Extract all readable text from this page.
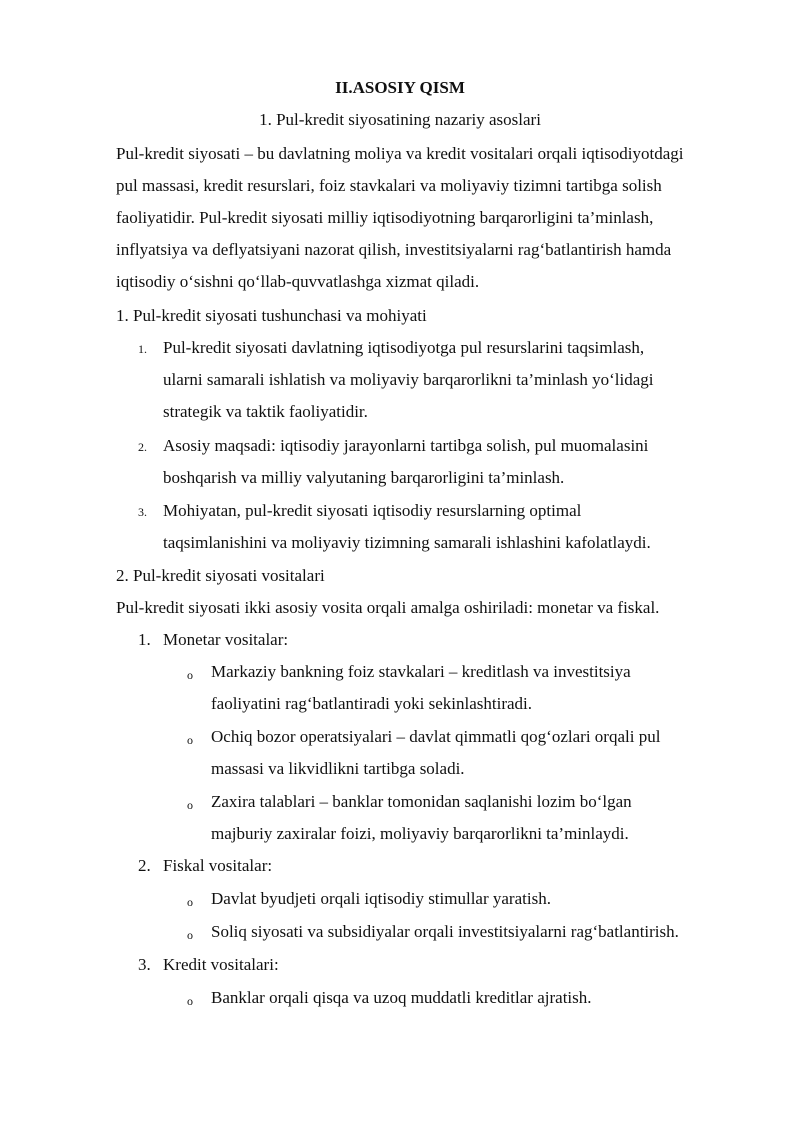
II.ASOSIY QISM
1. Pul-kredit siyosatining nazariy asoslari
Pul-kredit siyosati – bu davlatning moliya va kredit vositalari orqali iqtisodiyotdagi
pul massasi, kredit resurslari, foiz stavkalari va moliyaviy tizimni tartibga solish
faoliyatidir. Pul-kredit siyosati milliy iqtisodiyotning barqarorligini ta’minlash,
inflyatsiya va deflyatsiyani nazorat qilish, investitsiyalarni rag‘batlantirish hamda
iqtisodiy o‘sishni qo‘llab-quvvatlashga xizmat qiladi.
1. Pul-kredit siyosati tushunchasi va mohiyati
1. Pul-kredit siyosati davlatning iqtisodiyotga pul resurslarini taqsimlash,
ularni samarali ishlatish va moliyaviy barqarorlikni ta’minlash yo‘lidagi
strategik va taktik faoliyatidir.
2. Asosiy maqsadi: iqtisodiy jarayonlarni tartibga solish, pul muomalasini
boshqarish va milliy valyutaning barqarorligini ta’minlash.
3. Mohiyatan, pul-kredit siyosati iqtisodiy resurslarning optimal
taqsimlanishini va moliyaviy tizimning samarali ishlashini kafolatlaydi.
2. Pul-kredit siyosati vositalari
Pul-kredit siyosati ikki asosiy vosita orqali amalga oshiriladi: monetar va fiskal.
1. Monetar vositalar:
o Markaziy bankning foiz stavkalari – kreditlash va investitsiya
faoliyatini rag‘batlantiradi yoki sekinlashtiradi.
o Ochiq bozor operatsiyalari – davlat qimmatli qog‘ozlari orqali pul
massasi va likvidlikni tartibga soladi.
o Zaxira talablari – banklar tomonidan saqlanishi lozim bo‘lgan
majburiy zaxiralar foizi, moliyaviy barqarorlikni ta’minlaydi.
2. Fiskal vositalar:
o Davlat byudjeti orqali iqtisodiy stimullar yaratish.
o Soliq siyosati va subsidiyalar orqali investitsiyalarni rag‘batlantirish.
3. Kredit vositalari:
o Banklar orqali qisqa va uzoq muddatli kreditlar ajratish.
